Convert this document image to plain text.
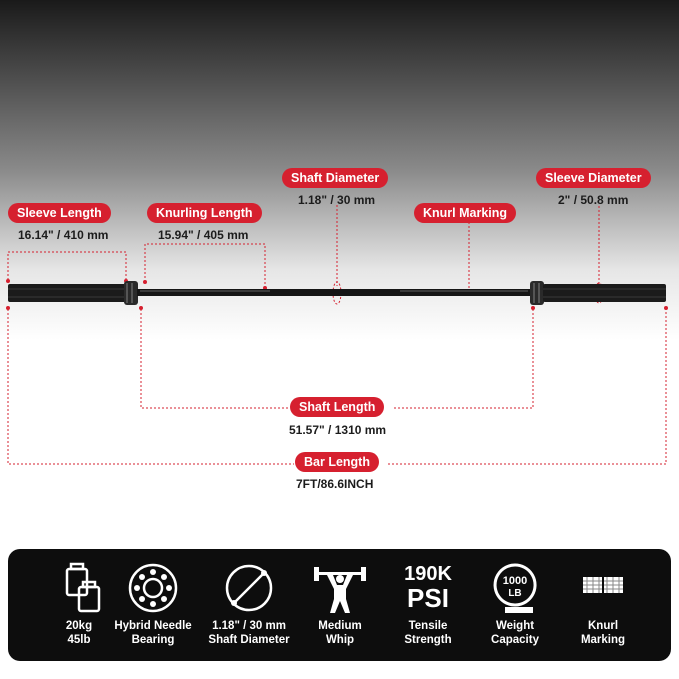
Sleeve Length
16.14" / 410 mm
Knurling Length
15.94" / 405 mm
Shaft Diameter
1.18" / 30 mm
Knurl Marking
Sleeve Diameter
2" / 50.8 mm
Shaft Length
51.57" / 1310 mm
Bar Length
7FT/86.6INCH
20kg
45lb
Hybrid Needle
Bearing
1.18" / 30 mm
Shaft Diameter
Medium
Whip
190K
PSI
Tensile
Strength
1000
LB
Weight
Capacity
Knurl
Marking
